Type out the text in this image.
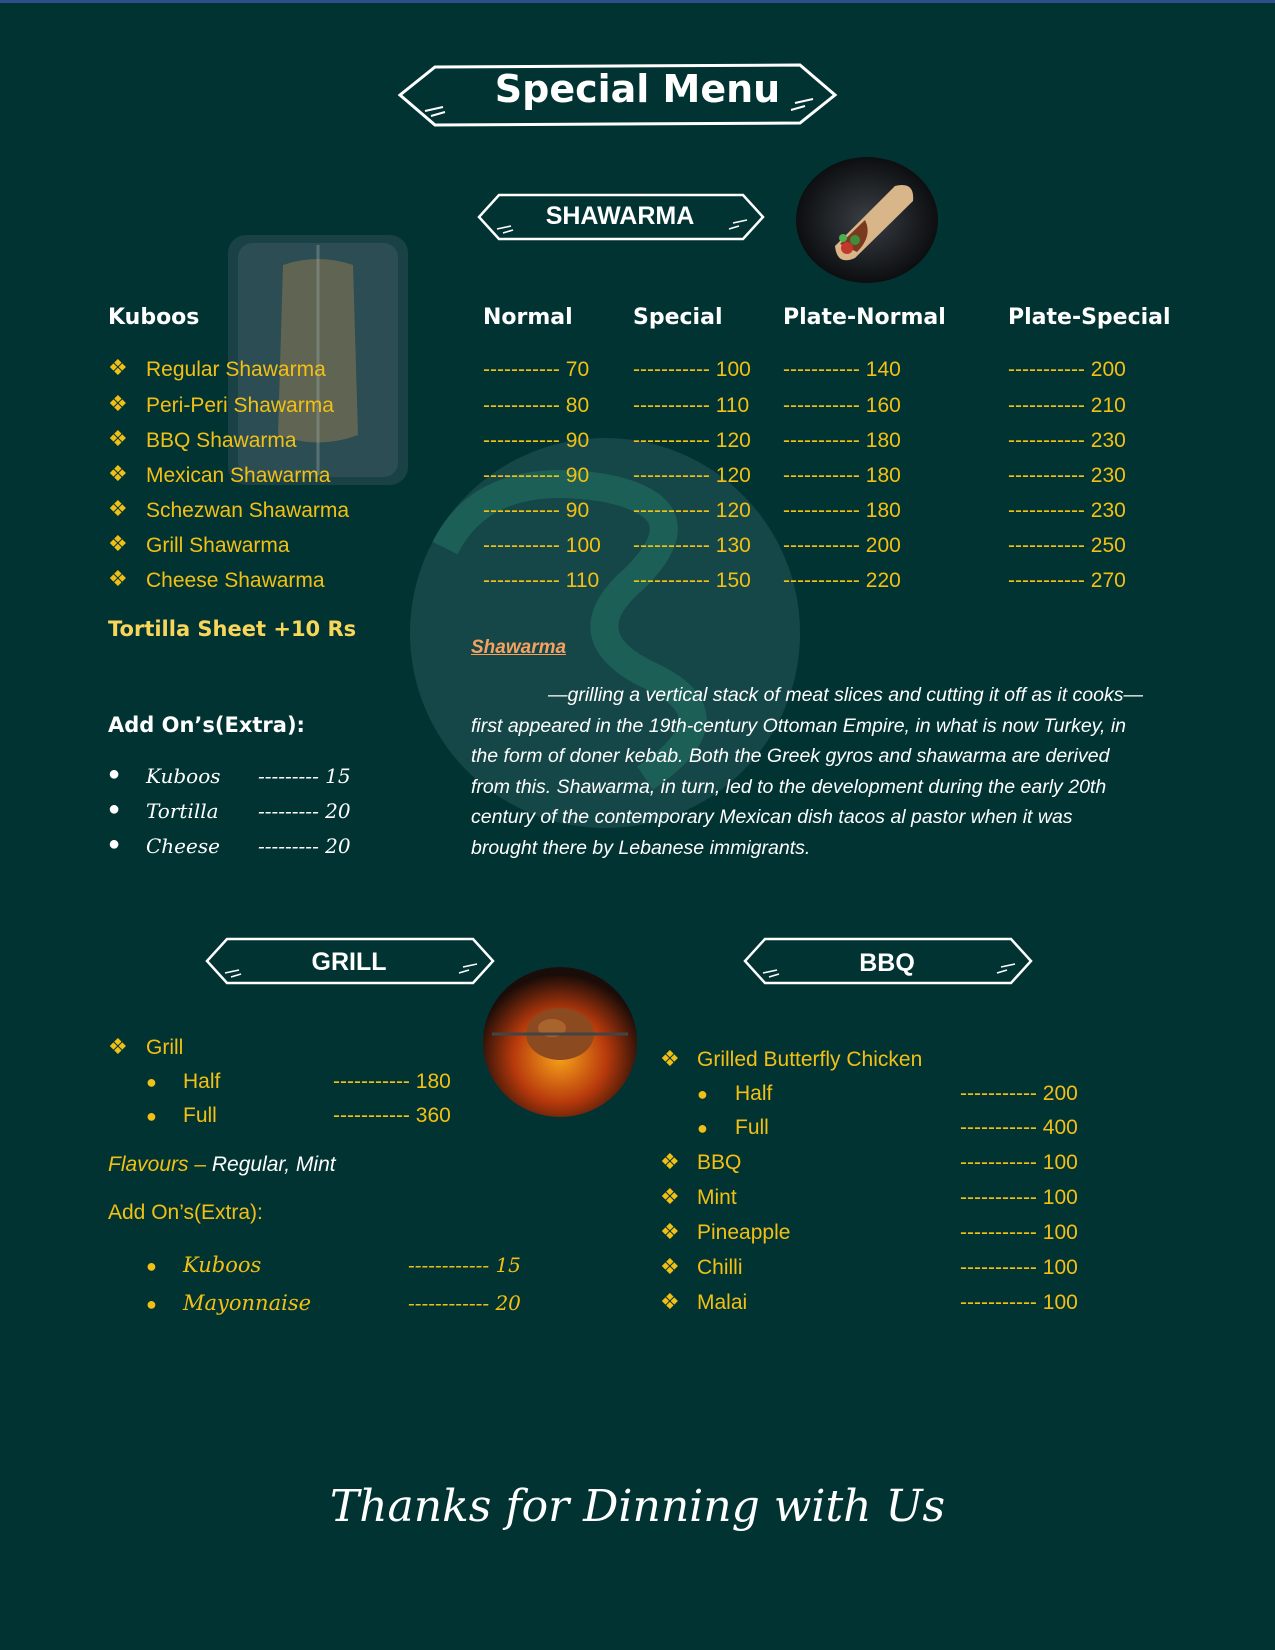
Special Menu
SHAWARMA
Kuboos	Normal	Special	Plate-Normal	Plate-Special
❖ Regular Shawarma	----------- 70 ----------- 100 ----------- 140	----------- 200
❖ Peri-Peri Shawarma	----------- 80 ----------- 110 ----------- 160	----------- 210
❖ BBQ Shawarma	----------- 90 ----------- 120 ----------- 180	----------- 230
❖ Mexican Shawarma	----------- 90 ----------- 120 ----------- 180	----------- 230
❖ Schezwan Shawarma	----------- 90 ----------- 120 ----------- 180	----------- 230
❖ Grill Shawarma	----------- 100 ----------- 130 ----------- 200	----------- 250
❖ Cheese Shawarma	----------- 110 ----------- 150 ----------- 220	----------- 270
Tortilla Sheet +10 Rs
Add On’s(Extra):
● Kuboos --------- 15
● Tortilla --------- 20
● Cheese --------- 20
Shawarma
—grilling a vertical stack of meat slices and cutting it off as it cooks—
first appeared in the 19th-century Ottoman Empire, in what is now Turkey, in
the form of doner kebab. Both the Greek gyros and shawarma are derived
from this. Shawarma, in turn, led to the development during the early 20th
century of the contemporary Mexican dish tacos al pastor when it was
brought there by Lebanese immigrants.
GRILL
❖ Grill
● Half	----------- 180
● Full	----------- 360
Flavours – Regular, Mint
Add On’s(Extra):
● Kuboos	------------ 15
● Mayonnaise	------------ 20
BBQ
❖ Grilled Butterfly Chicken
● Half	----------- 200
● Full	----------- 400
❖ BBQ	----------- 100
❖ Mint	----------- 100
❖ Pineapple	----------- 100
❖ Chilli	----------- 100
❖ Malai	----------- 100
Thanks for Dinning with Us
